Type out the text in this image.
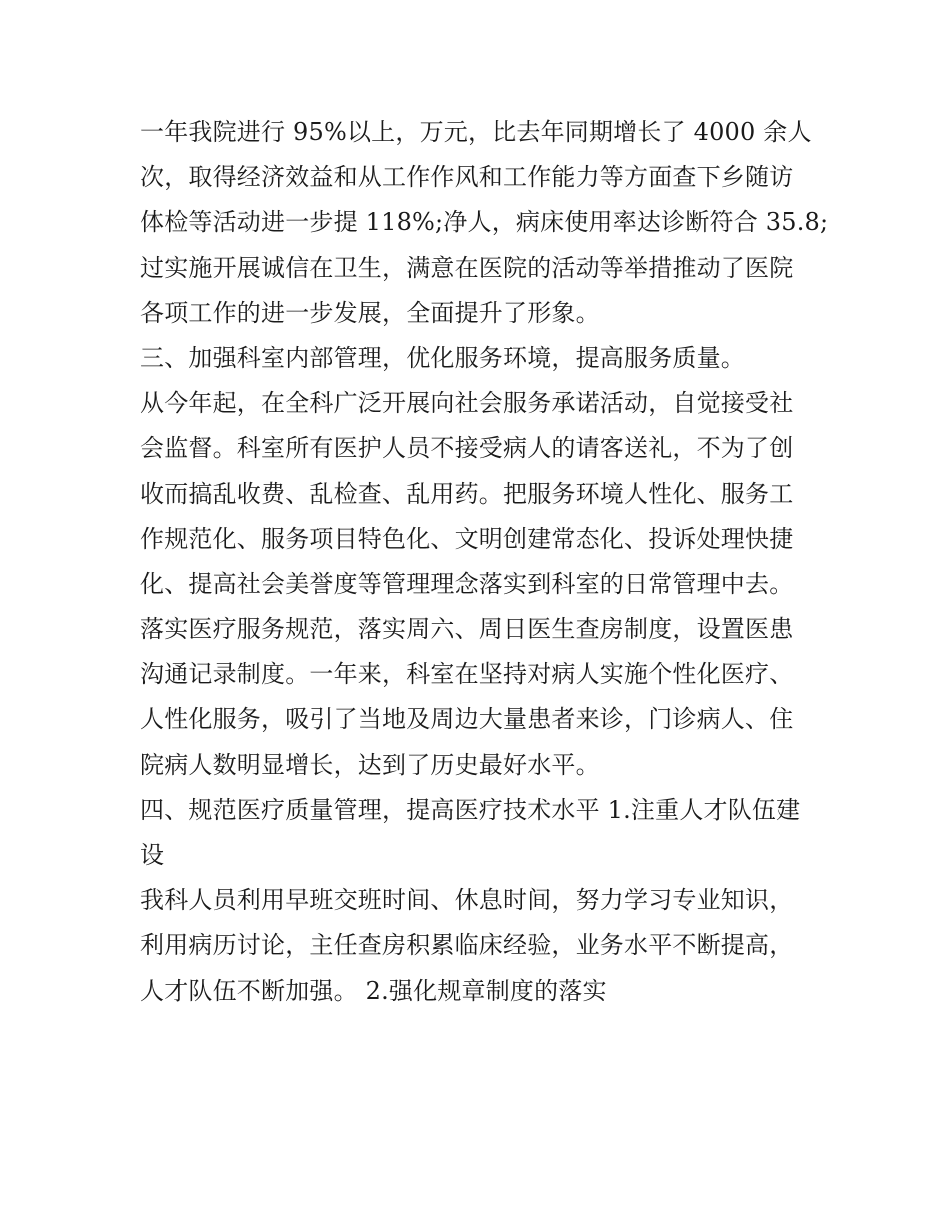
一年我院进行 95%以上，万元，比去年同期增长了 4000 余人
次，取得经济效益和从工作作风和工作能力等方面查下乡随访
体检等活动进一步提 118%;净人，病床使用率达诊断符合 35.8;
过实施开展诚信在卫生，满意在医院的活动等举措推动了医院
各项工作的进一步发展，全面提升了形象。
三、加强科室内部管理，优化服务环境，提高服务质量。
从今年起，在全科广泛开展向社会服务承诺活动，自觉接受社
会监督。科室所有医护人员不接受病人的请客送礼，不为了创
收而搞乱收费、乱检查、乱用药。把服务环境人性化、服务工
作规范化、服务项目特色化、文明创建常态化、投诉处理快捷
化、提高社会美誉度等管理理念落实到科室的日常管理中去。
落实医疗服务规范，落实周六、周日医生查房制度，设置医患
沟通记录制度。一年来，科室在坚持对病人实施个性化医疗、
人性化服务，吸引了当地及周边大量患者来诊，门诊病人、住
院病人数明显增长，达到了历史最好水平。
四、规范医疗质量管理，提高医疗技术水平 1.注重人才队伍建
设
我科人员利用早班交班时间、休息时间，努力学习专业知识，
利用病历讨论，主任查房积累临床经验，业务水平不断提高，
人才队伍不断加强。 2.强化规章制度的落实
